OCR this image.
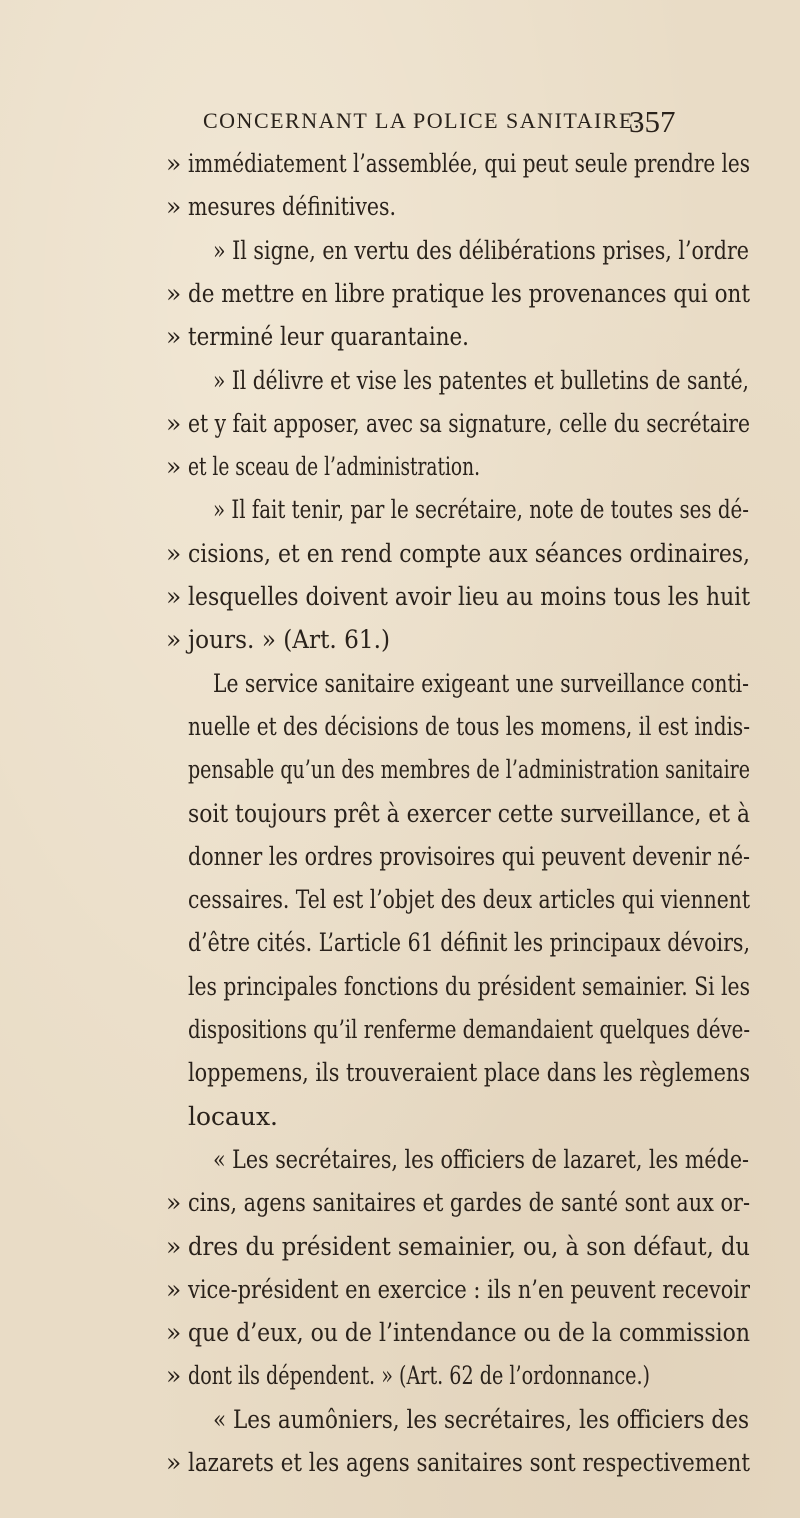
CONCERNANT LA POLICE SANITAIRE.
357
» immédiatement l’assemblée, qui peut seule prendre les
» mesures définitives.
» Il signe, en vertu des délibérations prises, l’ordre
» de mettre en libre pratique les provenances qui ont
» terminé leur quarantaine.
» Il délivre et vise les patentes et bulletins de santé,
» et y fait apposer, avec sa signature, celle du secrétaire
» et le sceau de l’administration.
» Il fait tenir, par le secrétaire, note de toutes ses dé-
» cisions, et en rend compte aux séances ordinaires,
» lesquelles doivent avoir lieu au moins tous les huit
» jours. » (Art. 61.)
Le service sanitaire exigeant une surveillance conti-
nuelle et des décisions de tous les momens, il est indis-
pensable qu’un des membres de l’administration sanitaire
soit toujours prêt à exercer cette surveillance, et à
donner les ordres provisoires qui peuvent devenir né-
cessaires. Tel est l’objet des deux articles qui viennent
d’être cités. L’article 61 définit les principaux dévoirs,
les principales fonctions du président semainier. Si les
dispositions qu’il renferme demandaient quelques déve-
loppemens, ils trouveraient place dans les règlemens
locaux.
« Les secrétaires, les officiers de lazaret, les méde-
» cins, agens sanitaires et gardes de santé sont aux or-
» dres du président semainier, ou, à son défaut, du
» vice-président en exercice : ils n’en peuvent recevoir
» que d’eux, ou de l’intendance ou de la commission
» dont ils dépendent. » (Art. 62 de l’ordonnance.)
« Les aumôniers, les secrétaires, les officiers des
» lazarets et les agens sanitaires sont respectivement
